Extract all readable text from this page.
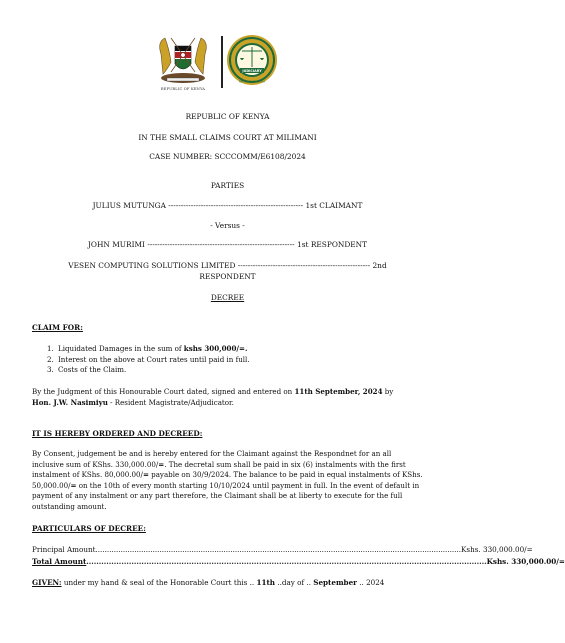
REPUBLIC OF KENYA
JUDICIARY
REPUBLIC OF KENYA
REPUBLIC OF KENYA
IN THE SMALL CLAIMS COURT AT MILIMANI
CASE NUMBER: SCCCOMM/E6108/2024
PARTIES
JULIUS MUTUNGA ------------------------------------------------------ 1st CLAIMANT
- Versus -
JOHN MURIMI ----------------------------------------------------------- 1st RESPONDENT
VESEN COMPUTING SOLUTIONS LIMITED ----------------------------------------------------- 2nd
RESPONDENT
DECREE
CLAIM FOR:
1. Liquidated Damages in the sum of kshs 300,000/=.
2. Interest on the above at Court rates until paid in full.
3. Costs of the Claim.
By the Judgment of this Honourable Court dated, signed and entered on 11th September, 2024 by
Hon. J.W. Nasimiyu - Resident Magistrate/Adjudicator.
IT IS HEREBY ORDERED AND DECREED:
By Consent, judgement be and is hereby entered for the Claimant against the Respondnet for an all inclusive sum of KShs. 330,000.00/=. The decretal sum shall be paid in six (6) instalments with the first instalment of KShs. 80,000.00/= payable on 30/9/2024. The balance to be paid in equal instalments of KShs. 50,000.00/= on the 10th of every month starting 10/10/2024 until payment in full. In the event of default in payment of any instalment or any part therefore, the Claimant shall be at liberty to execute for the full outstanding amount.
PARTICULARS OF DECREE:
Principal Amount ................................................................................................................................................................ Kshs. 330,000.00/=
Total Amount ................................................................................................................................................................ Kshs. 330,000.00/=
GIVEN: under my hand & seal of the Honorable Court this .. 11th ..day of .. September .. 2024
